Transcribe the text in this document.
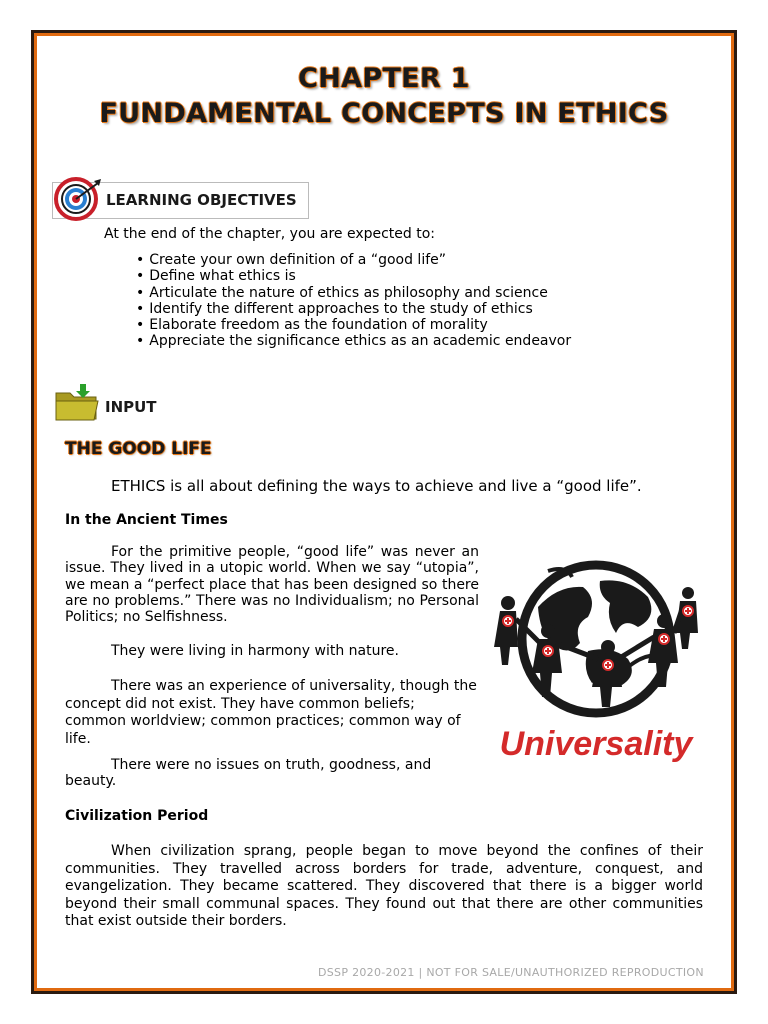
CHAPTER 1
FUNDAMENTAL CONCEPTS IN ETHICS
LEARNING OBJECTIVES
At the end of the chapter, you are expected to:
• Create your own definition of a “good life”
• Define what ethics is
• Articulate the nature of ethics as philosophy and science
• Identify the different approaches to the study of ethics
• Elaborate freedom as the foundation of morality
• Appreciate the significance ethics as an academic endeavor
INPUT
THE GOOD LIFE
ETHICS is all about defining the ways to achieve and live a “good life”.
In the Ancient Times
For the primitive people, “good life” was never an issue. They lived in a utopic world. When we say “utopia”, we mean a “perfect place that has been designed so there are no problems.” There was no Individualism; no Personal Politics; no Selfishness.
They were living in harmony with nature.
There was an experience of universality, though the concept did not exist. They have common beliefs; common worldview; common practices; common way of life.
There were no issues on truth, goodness, and beauty.
Universality
Civilization Period
When civilization sprang, people began to move beyond the confines of their communities. They travelled across borders for trade, adventure, conquest, and evangelization. They became scattered. They discovered that there is a bigger world beyond their small communal spaces. They found out that there are other communities that exist outside their borders.
DSSP 2020-2021 | NOT FOR SALE/UNAUTHORIZED REPRODUCTION
